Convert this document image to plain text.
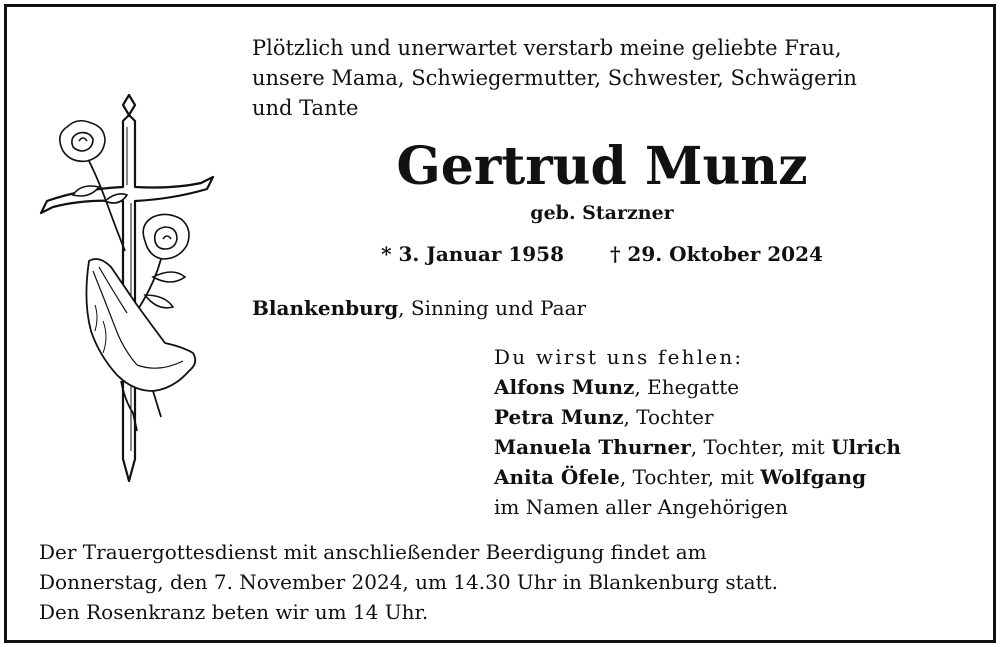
Plötzlich und unerwartet verstarb meine geliebte Frau,
unsere Mama, Schwiegermutter, Schwester, Schwägerin
und Tante
Gertrud Munz
geb. Starzner
* 3. Januar 1958 † 29. Oktober 2024
Blankenburg, Sinning und Paar
Du wirst uns fehlen:
Alfons Munz, Ehegatte
Petra Munz, Tochter
Manuela Thurner, Tochter, mit Ulrich
Anita Öfele, Tochter, mit Wolfgang
im Namen aller Angehörigen
Der Trauergottesdienst mit anschließender Beerdigung findet am
Donnerstag, den 7. November 2024, um 14.30 Uhr in Blankenburg statt.
Den Rosenkranz beten wir um 14 Uhr.
